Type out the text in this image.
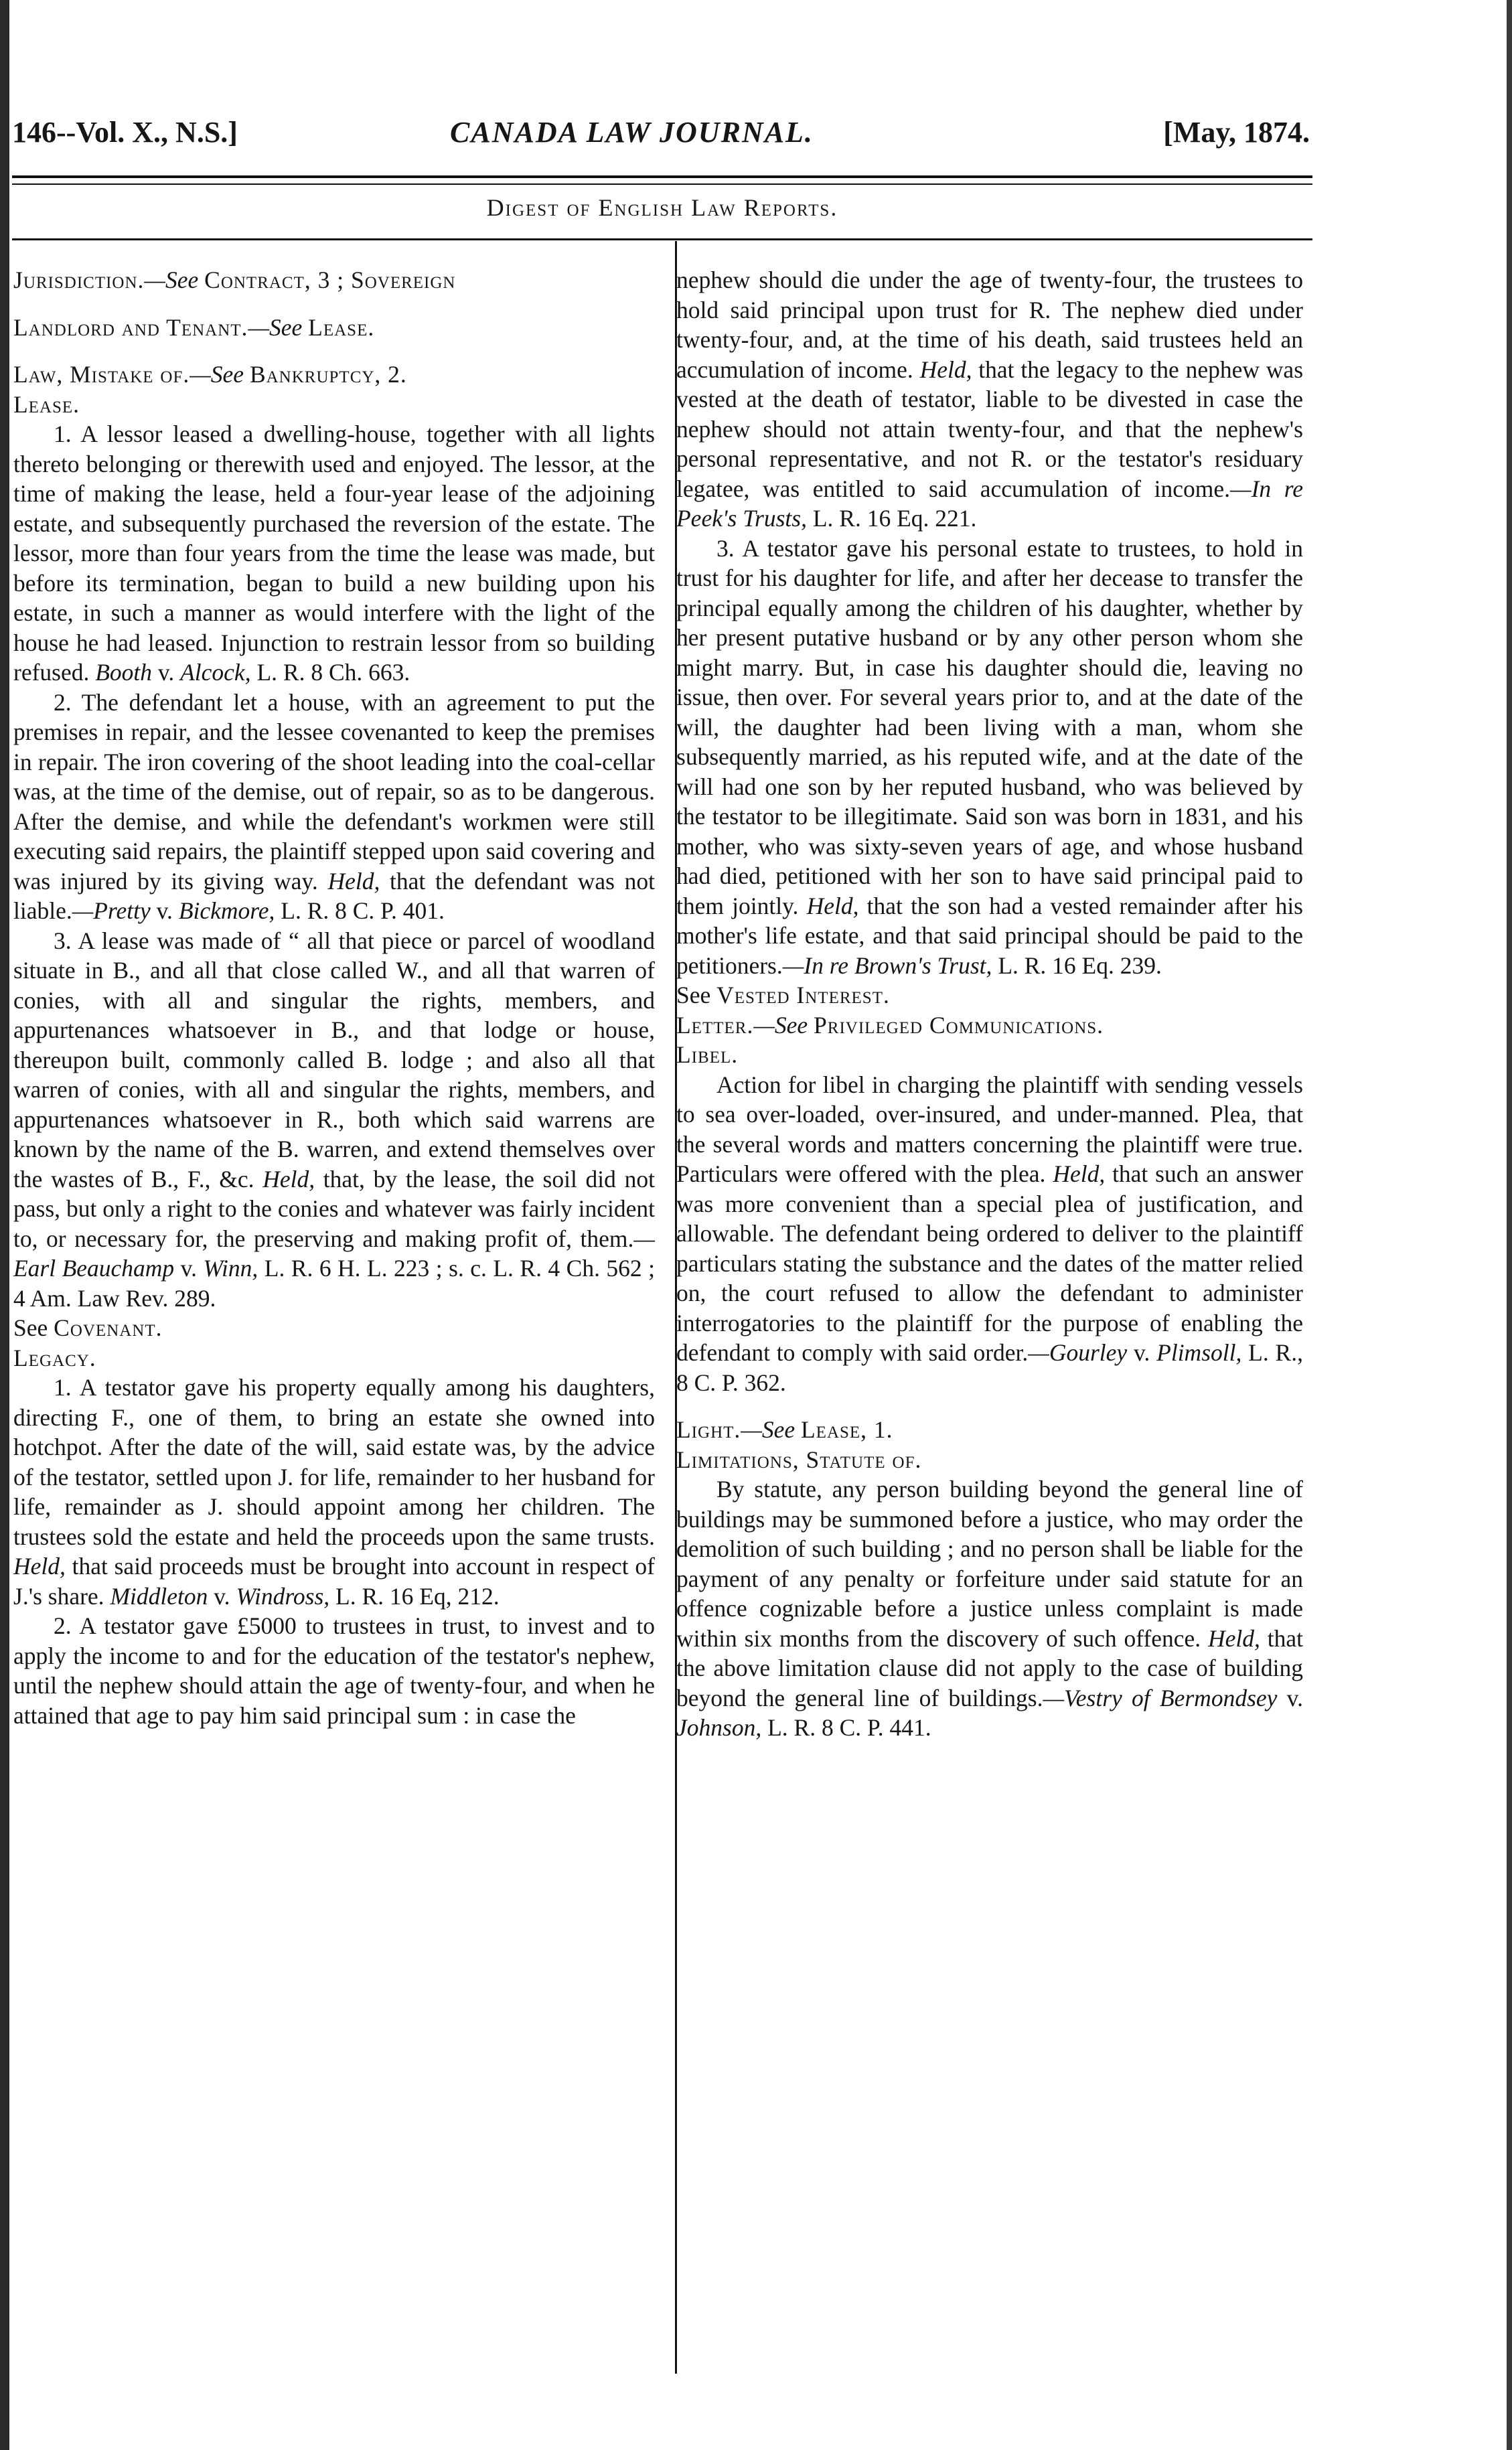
146--Vol. X., N.S.]	CANADA LAW JOURNAL.	[May, 1874.
Digest of English Law Reports.

Jurisdiction.—See Contract, 3 ; Sovereign

Landlord and Tenant.—See Lease.

Law, Mistake of.—See Bankruptcy, 2.

Lease.

1. A lessor leased a dwelling-house, together with all lights thereto belonging or therewith used and enjoyed. The lessor, at the time of making the lease, held a four-year lease of the adjoining estate, and subsequently purchased the reversion of the estate. The lessor, more than four years from the time the lease was made, but before its termination, began to build a new building upon his estate, in such a manner as would interfere with the light of the house he had leased. Injunction to restrain lessor from so building refused. Booth v. Alcock, L. R. 8 Ch. 663.

2. The defendant let a house, with an agreement to put the premises in repair, and the lessee covenanted to keep the premises in repair. The iron covering of the shoot leading into the coal-cellar was, at the time of the demise, out of repair, so as to be dangerous. After the demise, and while the defendant's workmen were still executing said repairs, the plaintiff stepped upon said covering and was injured by its giving way. Held, that the defendant was not liable.—Pretty v. Bickmore, L. R. 8 C. P. 401.

3. A lease was made of “ all that piece or parcel of woodland situate in B., and all that close called W., and all that warren of conies, with all and singular the rights, members, and appurtenances whatsoever in B., and that lodge or house, thereupon built, commonly called B. lodge ; and also all that warren of conies, with all and singular the rights, members, and appurtenances whatsoever in R., both which said warrens are known by the name of the B. warren, and extend themselves over the wastes of B., F., &c. Held, that, by the lease, the soil did not pass, but only a right to the conies and whatever was fairly incident to, or necessary for, the preserving and making profit of, them.—Earl Beauchamp v. Winn, L. R. 6 H. L. 223 ; s. c. L. R. 4 Ch. 562 ; 4 Am. Law Rev. 289.

See Covenant.

Legacy.

1. A testator gave his property equally among his daughters, directing F., one of them, to bring an estate she owned into hotchpot. After the date of the will, said estate was, by the advice of the testator, settled upon J. for life, remainder to her husband for life, remainder as J. should appoint among her children. The trustees sold the estate and held the proceeds upon the same trusts. Held, that said proceeds must be brought into account in respect of J.'s share. Middleton v. Windross, L. R. 16 Eq, 212.

2. A testator gave £5000 to trustees in trust, to invest and to apply the income to and for the education of the testator's nephew, until the nephew should attain the age of twenty-four, and when he attained that age to pay him said principal sum : in case the

nephew should die under the age of twenty-four, the trustees to hold said principal upon trust for R. The nephew died under twenty-four, and, at the time of his death, said trustees held an accumulation of income. Held, that the legacy to the nephew was vested at the death of testator, liable to be divested in case the nephew should not attain twenty-four, and that the nephew's personal representative, and not R. or the testator's residuary legatee, was entitled to said accumulation of income.—In re Peek's Trusts, L. R. 16 Eq. 221.

3. A testator gave his personal estate to trustees, to hold in trust for his daughter for life, and after her decease to transfer the principal equally among the children of his daughter, whether by her present putative husband or by any other person whom she might marry. But, in case his daughter should die, leaving no issue, then over. For several years prior to, and at the date of the will, the daughter had been living with a man, whom she subsequently married, as his reputed wife, and at the date of the will had one son by her reputed husband, who was believed by the testator to be illegitimate. Said son was born in 1831, and his mother, who was sixty-seven years of age, and whose husband had died, petitioned with her son to have said principal paid to them jointly. Held, that the son had a vested remainder after his mother's life estate, and that said principal should be paid to the petitioners.—In re Brown's Trust, L. R. 16 Eq. 239.

See Vested Interest.

Letter.—See Privileged Communications.

Libel.

Action for libel in charging the plaintiff with sending vessels to sea over-loaded, over-insured, and under-manned. Plea, that the several words and matters concerning the plaintiff were true. Particulars were offered with the plea. Held, that such an answer was more convenient than a special plea of justification, and allowable. The defendant being ordered to deliver to the plaintiff particulars stating the substance and the dates of the matter relied on, the court refused to allow the defendant to administer interrogatories to the plaintiff for the purpose of enabling the defendant to comply with said order.—Gourley v. Plimsoll, L. R., 8 C. P. 362.

Light.—See Lease, 1.

Limitations, Statute of.

By statute, any person building beyond the general line of buildings may be summoned before a justice, who may order the demolition of such building ; and no person shall be liable for the payment of any penalty or forfeiture under said statute for an offence cognizable before a justice unless complaint is made within six months from the discovery of such offence. Held, that the above limitation clause did not apply to the case of building beyond the general line of buildings.—Vestry of Bermondsey v. Johnson, L. R. 8 C. P. 441.
